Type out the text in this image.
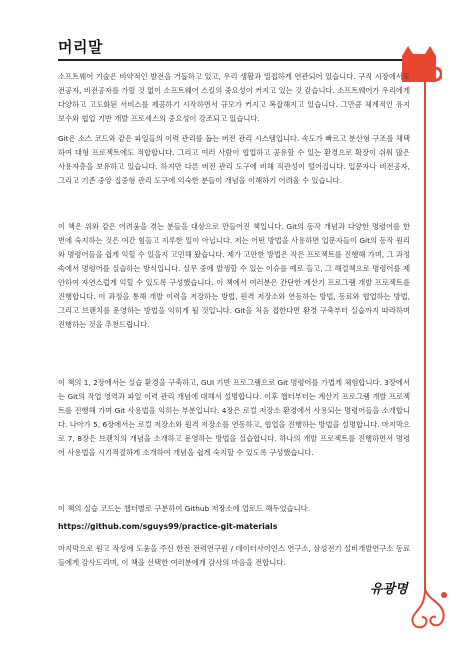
머리말

소프트웨어 기술은 비약적인 발전을 거듭하고 있고, 우리 생활과 밀접하게 연관되어 있습니다. 구직 시장에서도 전공자, 비전공자를 가릴 것 없이 소프트웨어 스킬의 중요성이 커지고 있는 것 같습니다. 소프트웨어가 우리에게 다양하고 고도화된 서비스를 제공하기 시작하면서 규모가 커지고 복잡해지고 있습니다. 그만큼 체계적인 유지보수와 협업 기반 개발 프로세스의 중요성이 강조되고 있습니다.

Git은 소스 코드와 같은 파일들의 이력 관리를 돕는 버전 관리 시스템입니다. 속도가 빠르고 분산형 구조를 채택하여 대형 프로젝트에도 적합합니다. 그리고 여러 사람이 협업하고 공유할 수 있는 환경으로 확장이 쉬워 많은 사용자층을 보유하고 있습니다. 하지만 다른 버전 관리 도구에 비해 직관성이 떨어집니다. 입문자나 비전공자, 그리고 기존 중앙 집중형 관리 도구에 익숙한 분들이 개념을 이해하기 어려울 수 있습니다.

이 책은 위와 같은 어려움을 겪는 분들을 대상으로 만들어진 책입니다. Git의 동작 개념과 다양한 명령어를 한 번에 숙지하는 것은 여간 힘들고 지루한 일이 아닙니다. 저는 어떤 방법을 사용하면 입문자들이 Git의 동작 원리와 명령어들을 쉽게 익힐 수 있을지 고민해 왔습니다. 제가 고안한 방법은 작은 프로젝트를 진행해 가며, 그 과정 속에서 명령어를 실습하는 방식입니다. 실무 중에 발생할 수 있는 이슈를 예로 들고, 그 해결책으로 명령어를 제안하여 자연스럽게 익힐 수 있도록 구성했습니다. 이 책에서 여러분은 간단한 계산기 프로그램 개발 프로젝트를 진행합니다. 이 과정을 통해 개발 이력을 저장하는 방법, 원격 저장소와 연동하는 방법, 동료와 협업하는 방법, 그리고 브랜치를 운영하는 방법을 익히게 될 것입니다. Git을 처음 접한다면 환경 구축부터 실습까지 따라하며 진행하는 것을 추천드립니다.

이 책의 1, 2장에서는 실습 환경을 구축하고, GUI 기반 프로그램으로 Git 명령어를 가볍게 체험합니다. 3장에서는 Git의 작업 영역과 파일 이력 관리 개념에 대해서 설명합니다. 이후 챕터부터는 계산기 프로그램 개발 프로젝트를 진행해 가며 Git 사용법을 익히는 부분입니다. 4장은 로컬 저장소 환경에서 사용되는 명령어들을 소개합니다. 나아가 5, 6장에서는 로컬 저장소와 원격 저장소를 연동하고, 협업을 진행하는 방법을 설명합니다. 마지막으로 7, 8장은 브랜치의 개념을 소개하고 운영하는 방법을 실습합니다. 하나의 개발 프로젝트를 진행하면서 명령어 사용법을 시기적절하게 소개하여 개념을 쉽게 숙지할 수 있도록 구성했습니다.

이 책의 실습 코드는 챕터별로 구분하여 Github 저장소에 업로드 해두었습니다.

https://github.com/sguys99/practice-git-materials

마지막으로 원고 작성에 도움을 주신 한전 전력연구원 / 데이터사이언스 연구소, 삼성전기 설비개발연구소 동료들에게 감사드리며, 이 책을 선택한 여러분에게 감사의 마음을 전합니다.

유광명
